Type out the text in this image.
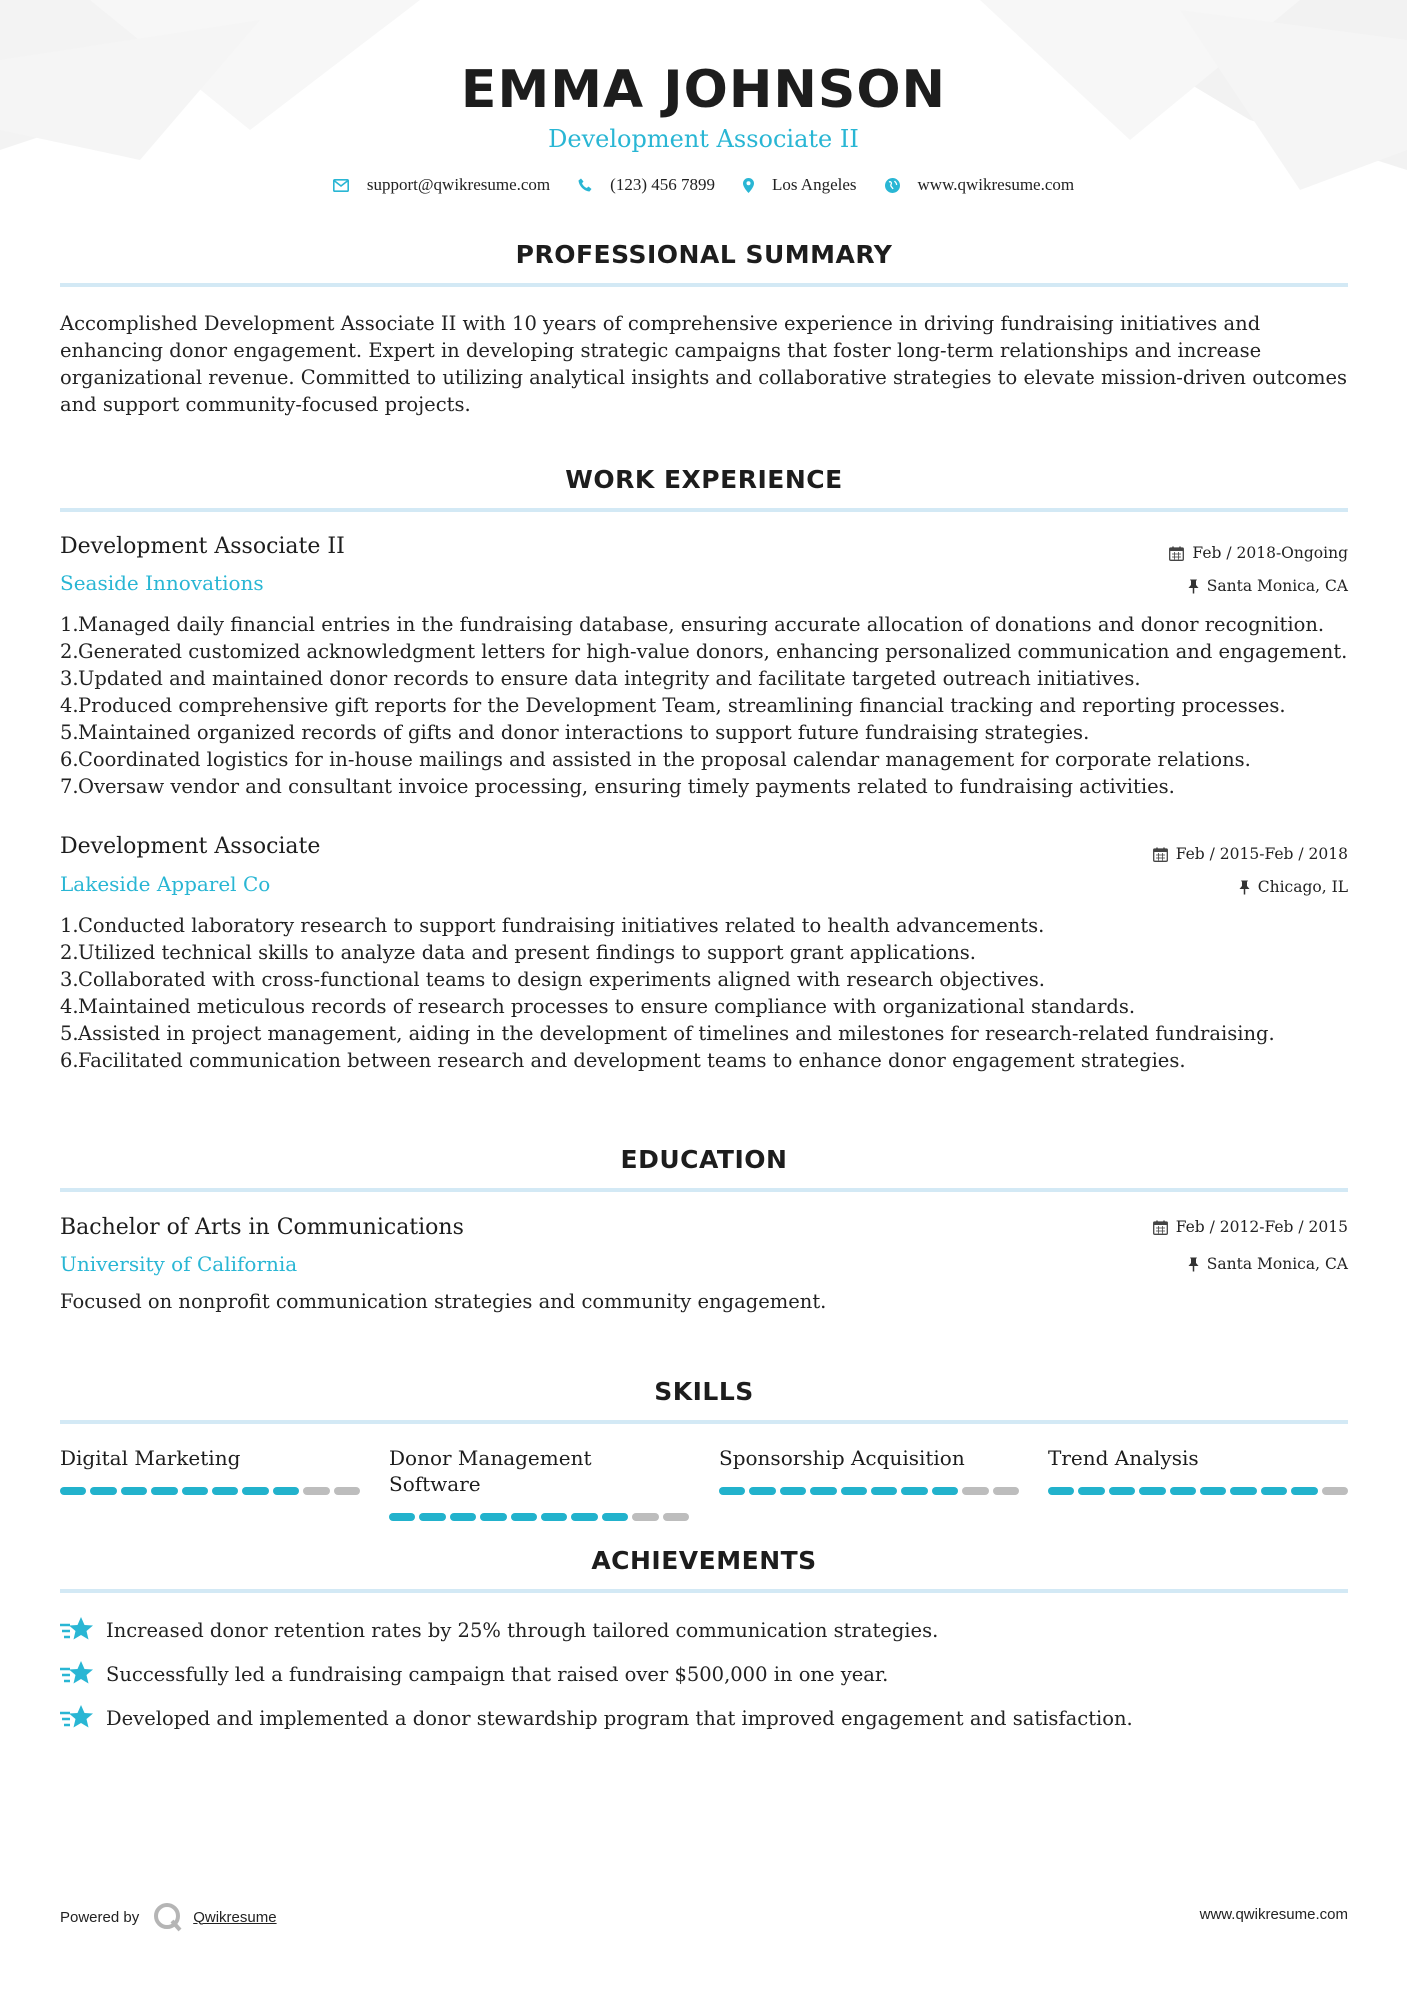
EMMA JOHNSON
Development Associate II
support@qwikresume.com	(123) 456 7899	Los Angeles	www.qwikresume.com
PROFESSIONAL SUMMARY
Accomplished Development Associate II with 10 years of comprehensive experience in driving fundraising initiatives and enhancing donor engagement. Expert in developing strategic campaigns that foster long-term relationships and increase organizational revenue. Committed to utilizing analytical insights and collaborative strategies to elevate mission-driven outcomes and support community-focused projects.
WORK EXPERIENCE
Development Associate II	Feb / 2018-Ongoing
Seaside Innovations	Santa Monica, CA
1. Managed daily financial entries in the fundraising database, ensuring accurate allocation of donations and donor recognition.
2. Generated customized acknowledgment letters for high-value donors, enhancing personalized communication and engagement.
3. Updated and maintained donor records to ensure data integrity and facilitate targeted outreach initiatives.
4. Produced comprehensive gift reports for the Development Team, streamlining financial tracking and reporting processes.
5. Maintained organized records of gifts and donor interactions to support future fundraising strategies.
6. Coordinated logistics for in-house mailings and assisted in the proposal calendar management for corporate relations.
7. Oversaw vendor and consultant invoice processing, ensuring timely payments related to fundraising activities.
Development Associate	Feb / 2015-Feb / 2018
Lakeside Apparel Co	Chicago, IL
1. Conducted laboratory research to support fundraising initiatives related to health advancements.
2. Utilized technical skills to analyze data and present findings to support grant applications.
3. Collaborated with cross-functional teams to design experiments aligned with research objectives.
4. Maintained meticulous records of research processes to ensure compliance with organizational standards.
5. Assisted in project management, aiding in the development of timelines and milestones for research-related fundraising.
6. Facilitated communication between research and development teams to enhance donor engagement strategies.
EDUCATION
Bachelor of Arts in Communications	Feb / 2012-Feb / 2015
University of California	Santa Monica, CA
Focused on nonprofit communication strategies and community engagement.
SKILLS
Digital Marketing	Donor Management Software
Sponsorship Acquisition	Trend Analysis
ACHIEVEMENTS
Increased donor retention rates by 25% through tailored communication strategies.
Successfully led a fundraising campaign that raised over $500,000 in one year.
Developed and implemented a donor stewardship program that improved engagement and satisfaction.
Powered by	Qwikresume	www.qwikresume.com
